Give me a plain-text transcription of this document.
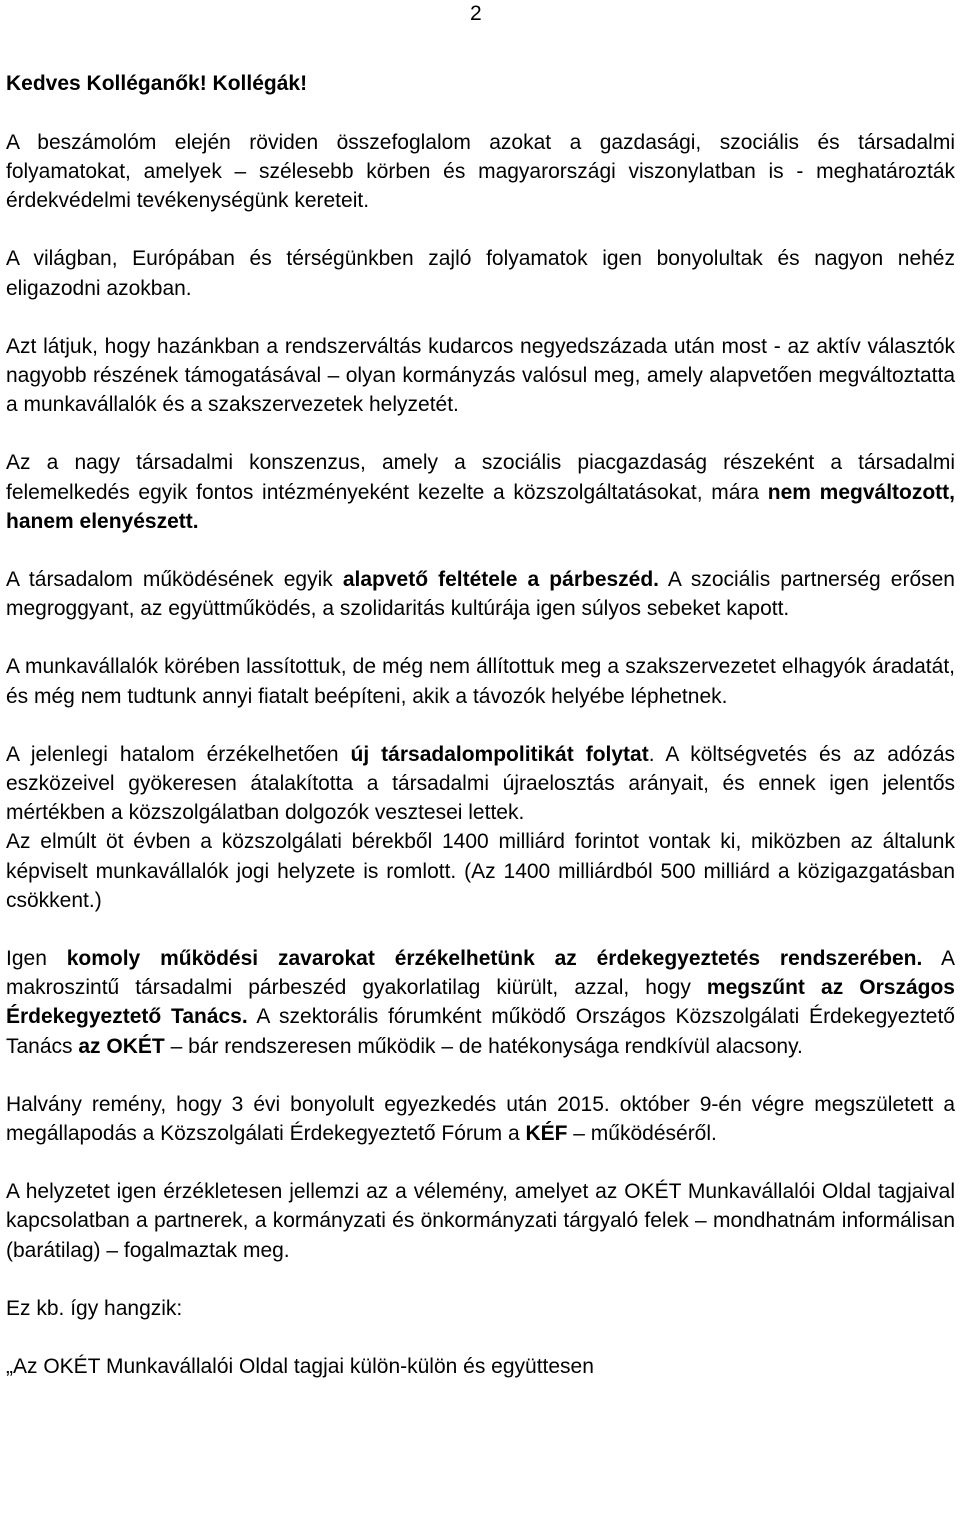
2

Kedves Kolléganők! Kollégák!

A beszámolóm elején röviden összefoglalom azokat a gazdasági, szociális és társadalmi folyamatokat, amelyek – szélesebb körben és magyarországi viszonylatban is - meghatározták érdekvédelmi tevékenységünk kereteit.

A világban, Európában és térségünkben zajló folyamatok igen bonyolultak és nagyon nehéz eligazodni azokban.

Azt látjuk, hogy hazánkban a rendszerváltás kudarcos negyedszázada után most - az aktív választók nagyobb részének támogatásával – olyan kormányzás valósul meg, amely alapvetően megváltoztatta a munkavállalók és a szakszervezetek helyzetét.

Az a nagy társadalmi konszenzus, amely a szociális piacgazdaság részeként a társadalmi felemelkedés egyik fontos intézményeként kezelte a közszolgáltatásokat, mára nem megváltozott, hanem elenyészett.

A társadalom működésének egyik alapvető feltétele a párbeszéd. A szociális partnerség erősen megroggyant, az együttműködés, a szolidaritás kultúrája igen súlyos sebeket kapott.

A munkavállalók körében lassítottuk, de még nem állítottuk meg a szakszervezetet elhagyók áradatát, és még nem tudtunk annyi fiatalt beépíteni, akik a távozók helyébe léphetnek.

A jelenlegi hatalom érzékelhetően új társadalompolitikát folytat. A költségvetés és az adózás eszközeivel gyökeresen átalakította a társadalmi újraelosztás arányait, és ennek igen jelentős mértékben a közszolgálatban dolgozók vesztesei lettek.

Az elmúlt öt évben a közszolgálati bérekből 1400 milliárd forintot vontak ki, miközben az általunk képviselt munkavállalók jogi helyzete is romlott. (Az 1400 milliárdból 500 milliárd a közigazgatásban csökkent.)

Igen komoly működési zavarokat érzékelhetünk az érdekegyeztetés rendszerében. A makroszintű társadalmi párbeszéd gyakorlatilag kiürült, azzal, hogy megszűnt az Országos Érdekegyeztető Tanács. A szektorális fórumként működő Országos Közszolgálati Érdekegyeztető Tanács az OKÉT – bár rendszeresen működik – de hatékonysága rendkívül alacsony.

Halvány remény, hogy 3 évi bonyolult egyezkedés után 2015. október 9-én végre megszületett a megállapodás a Közszolgálati Érdekegyeztető Fórum a KÉF – működéséről.

A helyzetet igen érzékletesen jellemzi az a vélemény, amelyet az OKÉT Munkavállalói Oldal tagjaival kapcsolatban a partnerek, a kormányzati és önkormányzati tárgyaló felek – mondhatnám informálisan (barátilag) – fogalmaztak meg.

Ez kb. így hangzik:

„Az OKÉT Munkavállalói Oldal tagjai külön-külön és együttesen
